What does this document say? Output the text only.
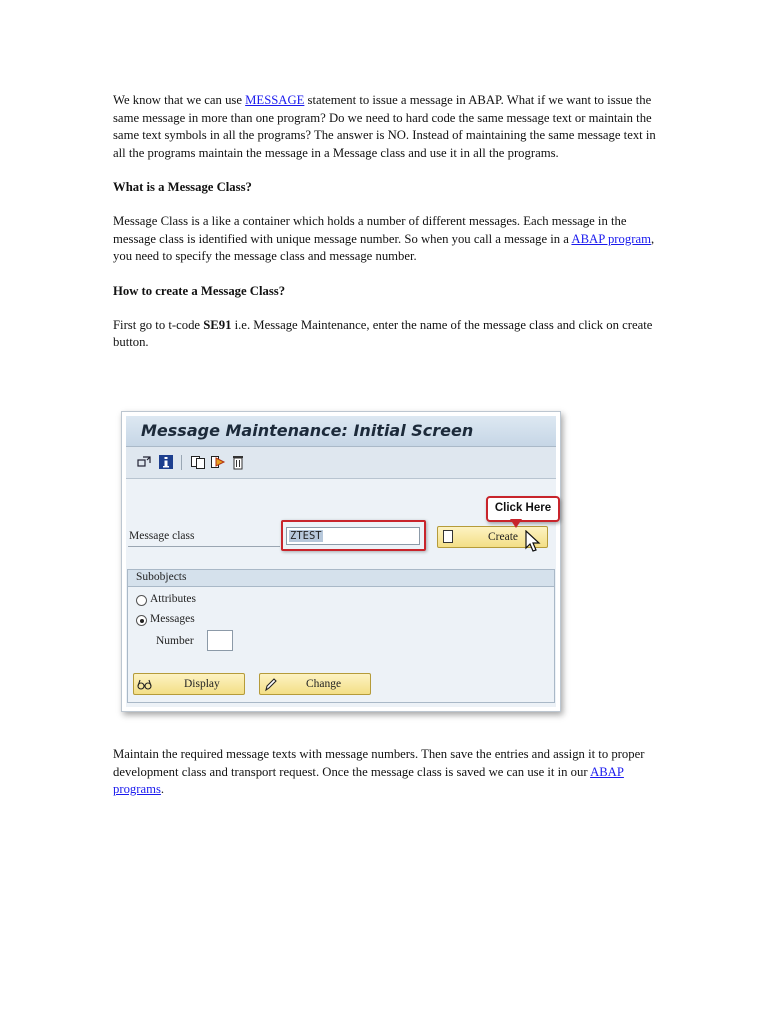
We know that we can use MESSAGE statement to issue a message in ABAP. What if we want to issue the same message in more than one program? Do we need to hard code the same message text or maintain the same text symbols in all the programs? The answer is NO. Instead of maintaining the same message text in all the programs maintain the message in a Message class and use it in all the programs.

What is a Message Class?

Message Class is a like a container which holds a number of different messages. Each message in the message class is identified with unique message number. So when you call a message in a ABAP program, you need to specify the message class and message number.

How to create a Message Class?

First go to t-code SE91 i.e. Message Maintenance, enter the name of the message class and click on create button.

Message Maintenance: Initial Screen
Message class	ZTEST	Create
Click Here
Subobjects
Attributes
Messages
Number
Display	Change

Maintain the required message texts with message numbers. Then save the entries and assign it to proper development class and transport request. Once the message class is saved we can use it in our ABAP programs.
